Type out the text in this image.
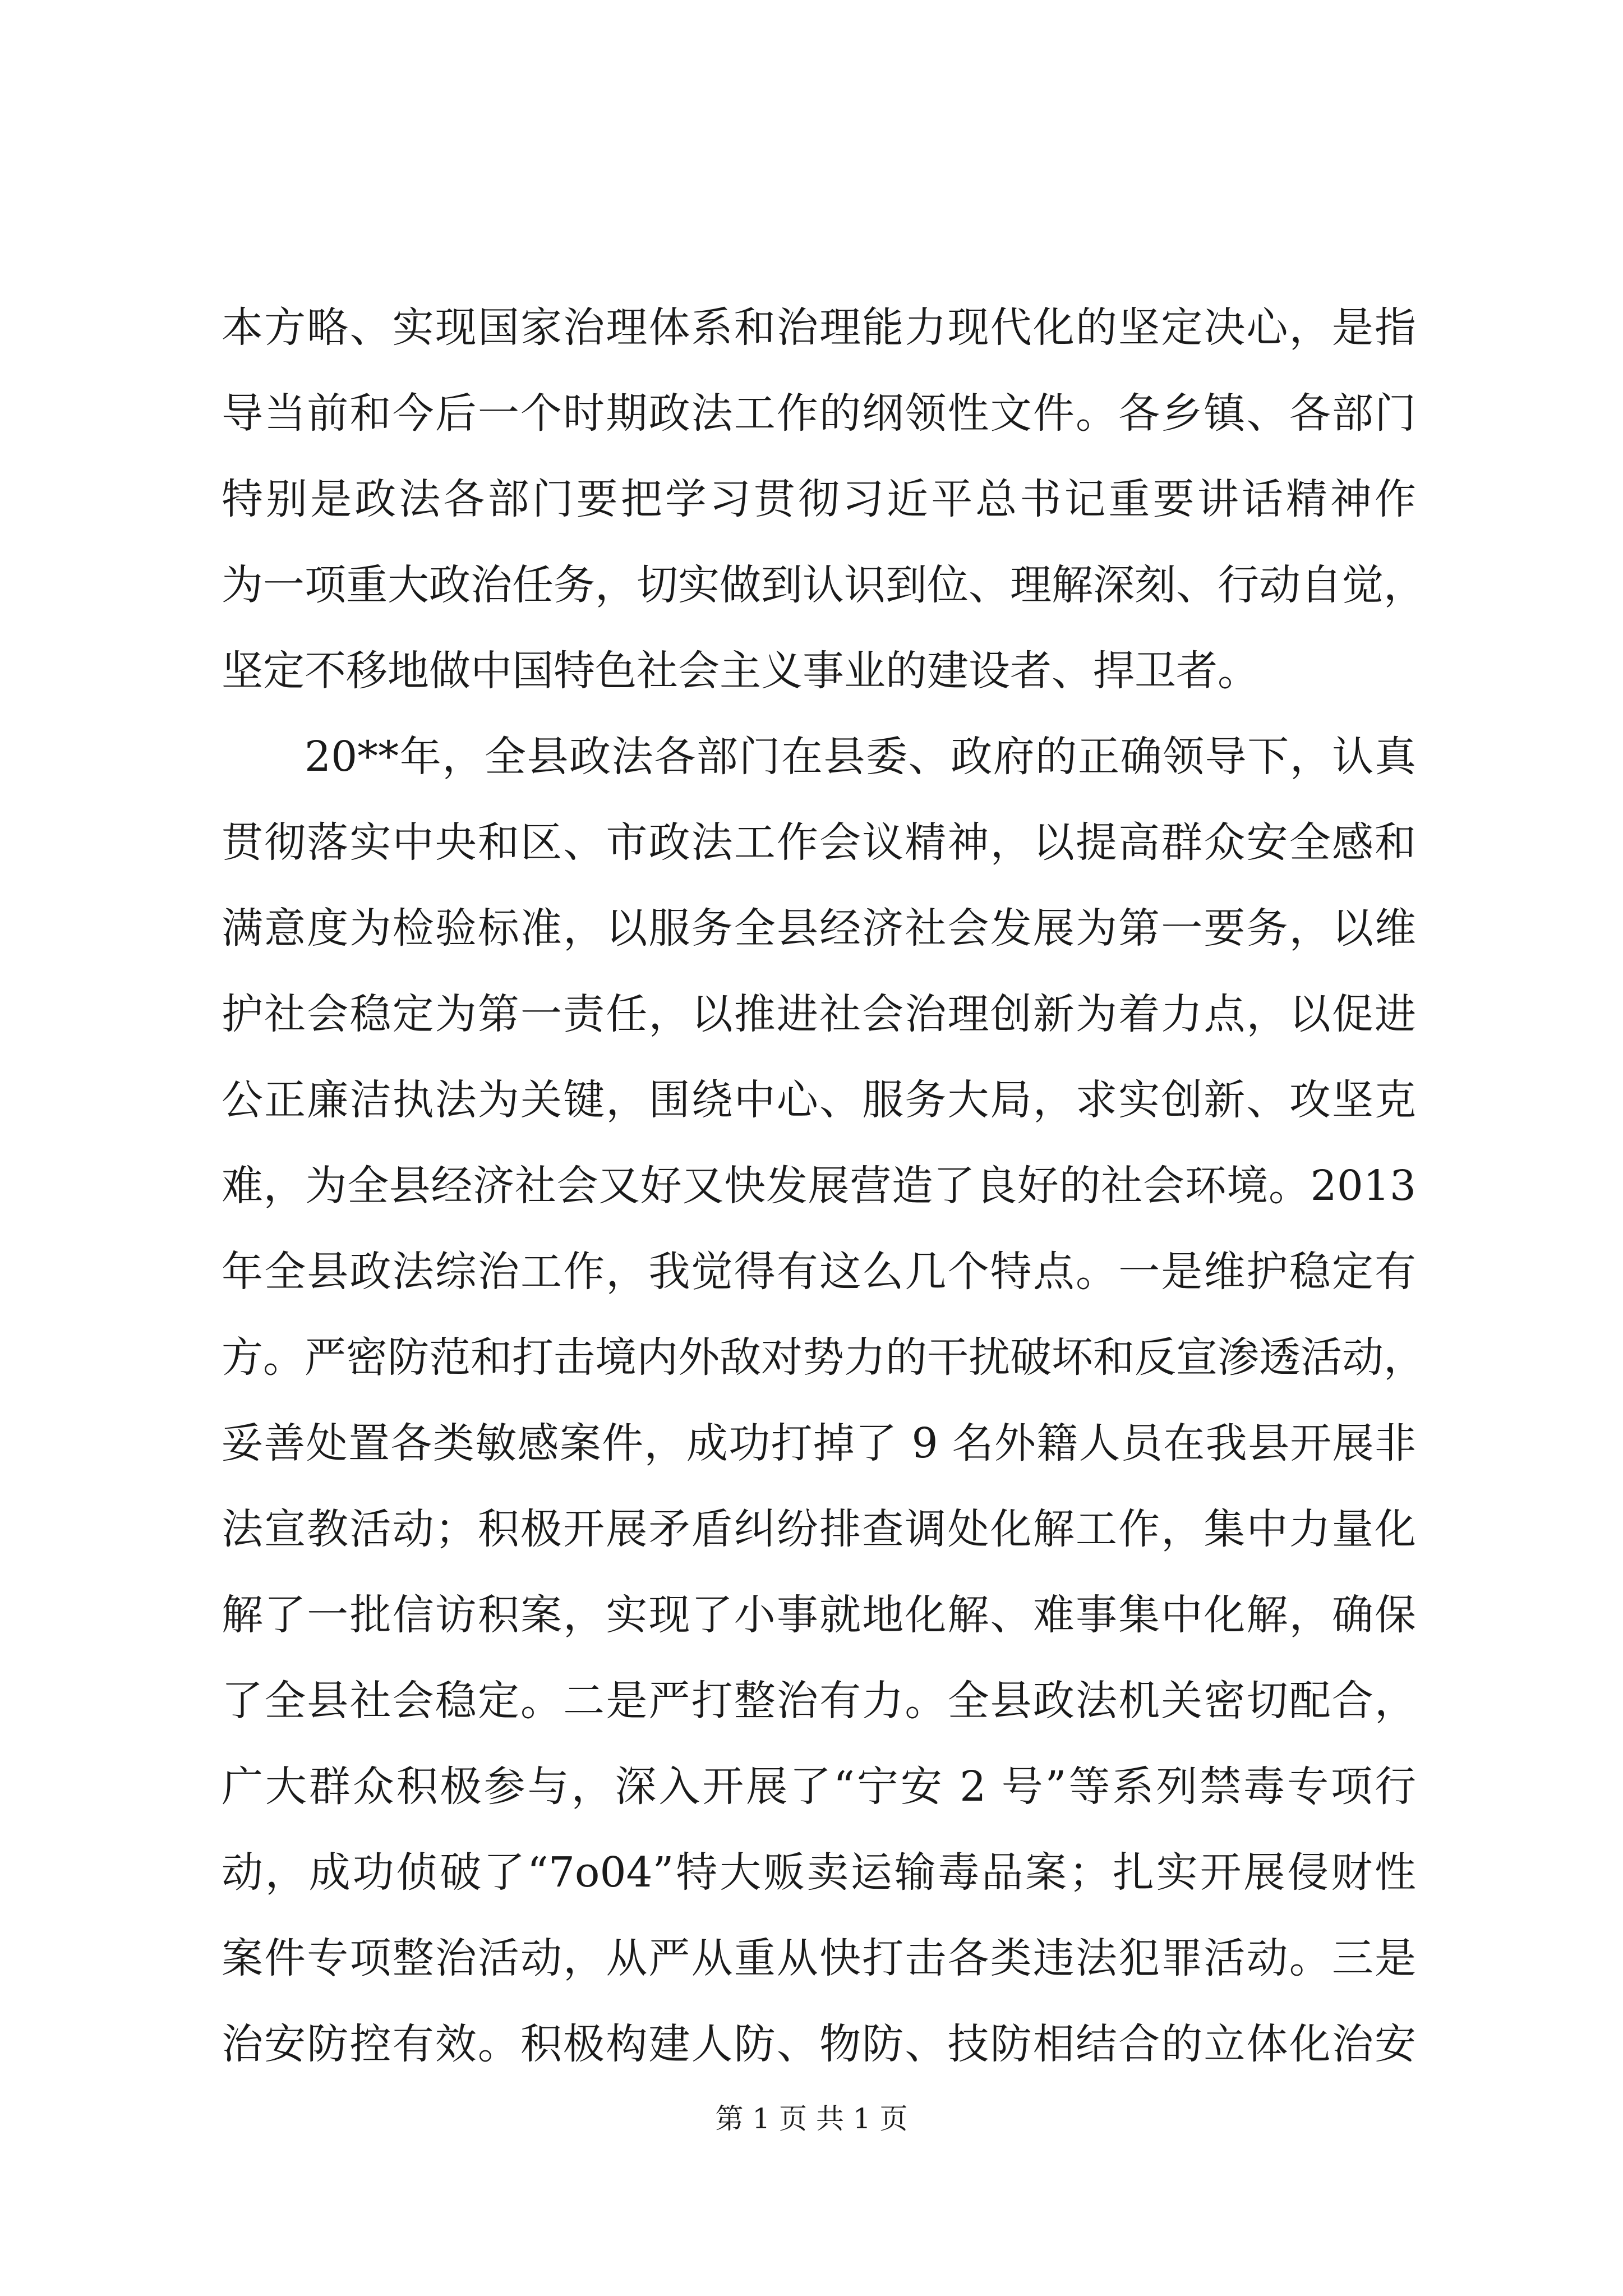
本方略、实现国家治理体系和治理能力现代化的坚定决心，是指
导当前和今后一个时期政法工作的纲领性文件。各乡镇、各部门
特别是政法各部门要把学习贯彻习近平总书记重要讲话精神作
为一项重大政治任务，切实做到认识到位、理解深刻、行动自觉，
坚定不移地做中国特色社会主义事业的建设者、捍卫者。
20**年，全县政法各部门在县委、政府的正确领导下，认真
贯彻落实中央和区、市政法工作会议精神，以提高群众安全感和
满意度为检验标准，以服务全县经济社会发展为第一要务，以维
护社会稳定为第一责任，以推进社会治理创新为着力点，以促进
公正廉洁执法为关键，围绕中心、服务大局，求实创新、攻坚克
难，为全县经济社会又好又快发展营造了良好的社会环境。2013
年全县政法综治工作，我觉得有这么几个特点。一是维护稳定有
方。严密防范和打击境内外敌对势力的干扰破坏和反宣渗透活动，
妥善处置各类敏感案件，成功打掉了 9 名外籍人员在我县开展非
法宣教活动；积极开展矛盾纠纷排查调处化解工作，集中力量化
解了一批信访积案，实现了小事就地化解、难事集中化解，确保
了全县社会稳定。二是严打整治有力。全县政法机关密切配合，
广大群众积极参与，深入开展了“宁安 2 号”等系列禁毒专项行
动，成功侦破了“7o04”特大贩卖运输毒品案；扎实开展侵财性
案件专项整治活动，从严从重从快打击各类违法犯罪活动。三是
治安防控有效。积极构建人防、物防、技防相结合的立体化治安
第 1 页 共 1 页
